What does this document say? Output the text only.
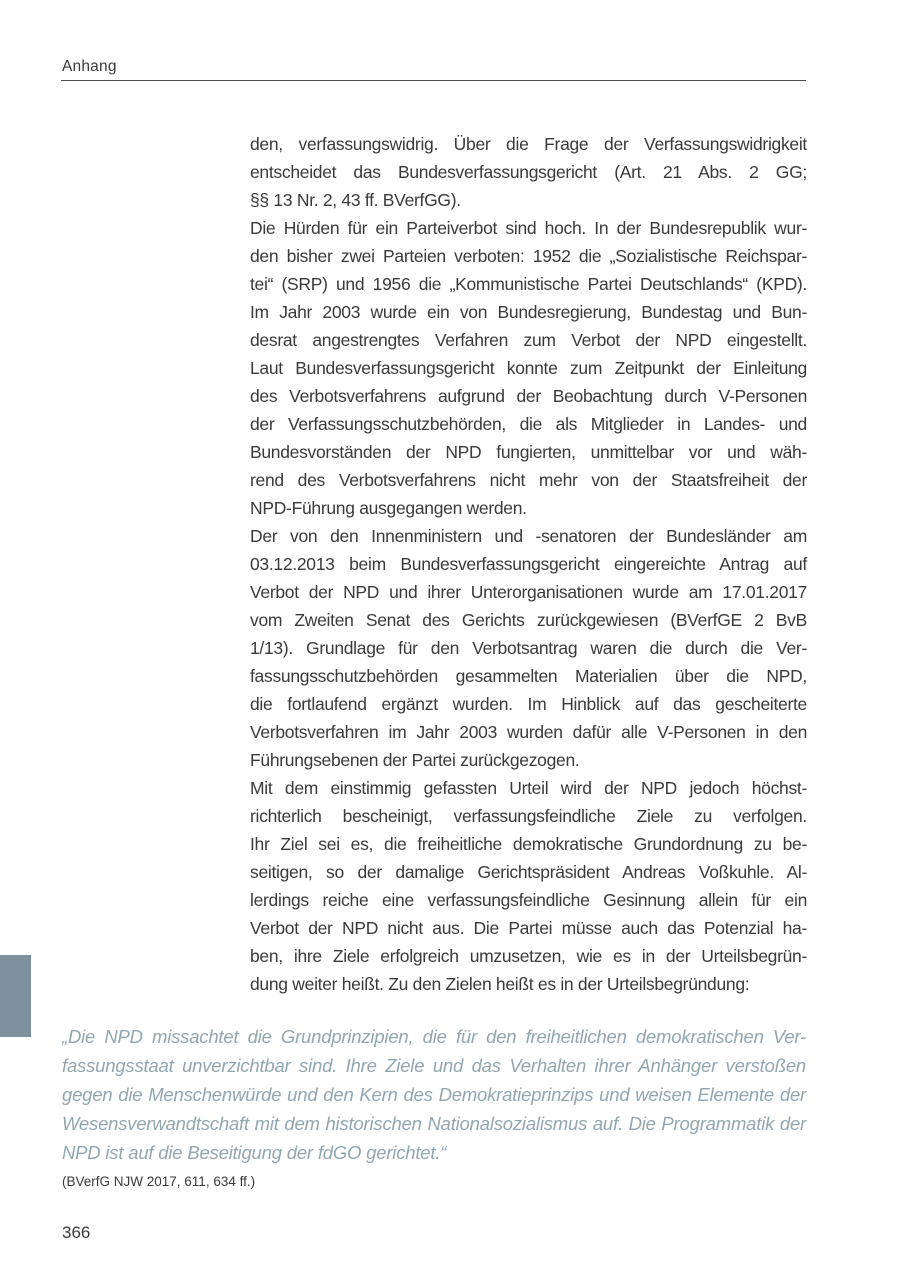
Anhang
den, verfassungswidrig. Über die Frage der Verfassungswidrigkeit
entscheidet das Bundesverfassungsgericht (Art. 21 Abs. 2 GG;
§§ 13 Nr. 2, 43 ff. BVerfGG).
Die Hürden für ein Parteiverbot sind hoch. In der Bundesrepublik wur-
den bisher zwei Parteien verboten: 1952 die „Sozialistische Reichspar-
tei“ (SRP) und 1956 die „Kommunistische Partei Deutschlands“ (KPD).
Im Jahr 2003 wurde ein von Bundesregierung, Bundestag und Bun-
desrat angestrengtes Verfahren zum Verbot der NPD eingestellt.
Laut Bundesverfassungsgericht konnte zum Zeitpunkt der Einleitung
des Verbotsverfahrens aufgrund der Beobachtung durch V-Personen
der Verfassungsschutzbehörden, die als Mitglieder in Landes- und
Bundesvorständen der NPD fungierten, unmittelbar vor und wäh-
rend des Verbotsverfahrens nicht mehr von der Staatsfreiheit der
NPD-Führung ausgegangen werden.
Der von den Innenministern und -senatoren der Bundesländer am
03.12.2013 beim Bundesverfassungsgericht eingereichte Antrag auf
Verbot der NPD und ihrer Unterorganisationen wurde am 17.01.2017
vom Zweiten Senat des Gerichts zurückgewiesen (BVerfGE 2 BvB
1/13). Grundlage für den Verbotsantrag waren die durch die Ver-
fassungsschutzbehörden gesammelten Materialien über die NPD,
die fortlaufend ergänzt wurden. Im Hinblick auf das gescheiterte
Verbotsverfahren im Jahr 2003 wurden dafür alle V-Personen in den
Führungsebenen der Partei zurückgezogen.
Mit dem einstimmig gefassten Urteil wird der NPD jedoch höchst-
richterlich bescheinigt, verfassungsfeindliche Ziele zu verfolgen.
Ihr Ziel sei es, die freiheitliche demokratische Grundordnung zu be-
seitigen, so der damalige Gerichtspräsident Andreas Voßkuhle. Al-
lerdings reiche eine verfassungsfeindliche Gesinnung allein für ein
Verbot der NPD nicht aus. Die Partei müsse auch das Potenzial ha-
ben, ihre Ziele erfolgreich umzusetzen, wie es in der Urteilsbegrün-
dung weiter heißt. Zu den Zielen heißt es in der Urteilsbegründung:
„Die NPD missachtet die Grundprinzipien, die für den freiheitlichen demokratischen Ver-
fassungsstaat unverzichtbar sind. Ihre Ziele und das Verhalten ihrer Anhänger verstoßen
gegen die Menschenwürde und den Kern des Demokratieprinzips und weisen Elemente der
Wesensverwandtschaft mit dem historischen Nationalsozialismus auf. Die Programmatik der
NPD ist auf die Beseitigung der fdGO gerichtet.“
(BVerfG NJW 2017, 611, 634 ff.)
366
